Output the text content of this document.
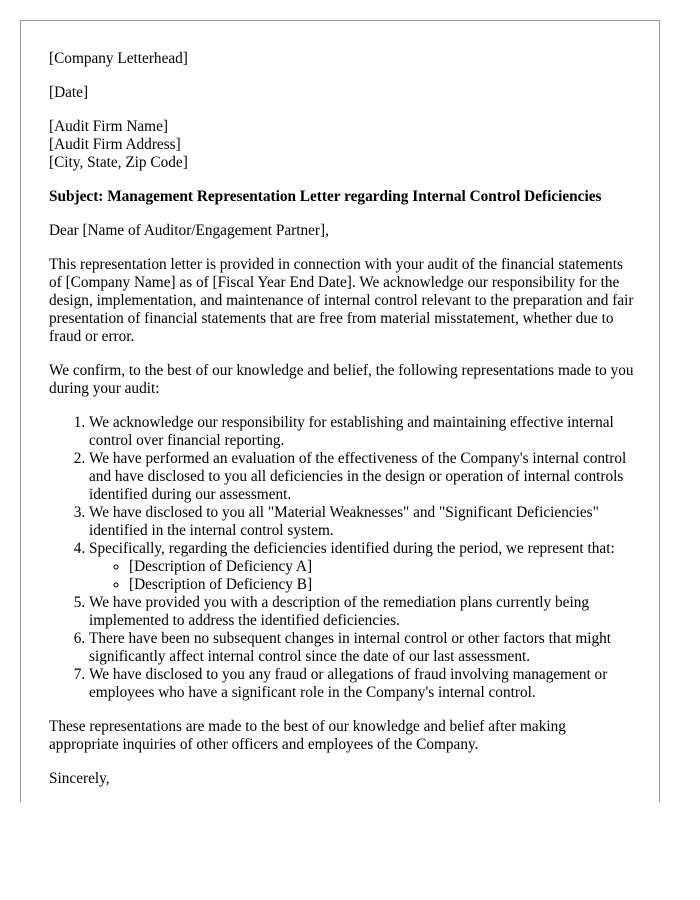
[Company Letterhead]

[Date]

[Audit Firm Name]
[Audit Firm Address]
[City, State, Zip Code]

Subject: Management Representation Letter regarding Internal Control Deficiencies

Dear [Name of Auditor/Engagement Partner],

This representation letter is provided in connection with your audit of the financial statements of [Company Name] as of [Fiscal Year End Date]. We acknowledge our responsibility for the design, implementation, and maintenance of internal control relevant to the preparation and fair presentation of financial statements that are free from material misstatement, whether due to fraud or error.

We confirm, to the best of our knowledge and belief, the following representations made to you during your audit:

1. We acknowledge our responsibility for establishing and maintaining effective internal control over financial reporting.
2. We have performed an evaluation of the effectiveness of the Company's internal control and have disclosed to you all deficiencies in the design or operation of internal controls identified during our assessment.
3. We have disclosed to you all "Material Weaknesses" and "Significant Deficiencies" identified in the internal control system.
4. Specifically, regarding the deficiencies identified during the period, we represent that:
◦ [Description of Deficiency A]
◦ [Description of Deficiency B]
5. We have provided you with a description of the remediation plans currently being implemented to address the identified deficiencies.
6. There have been no subsequent changes in internal control or other factors that might significantly affect internal control since the date of our last assessment.
7. We have disclosed to you any fraud or allegations of fraud involving management or employees who have a significant role in the Company's internal control.

These representations are made to the best of our knowledge and belief after making appropriate inquiries of other officers and employees of the Company.

Sincerely,
